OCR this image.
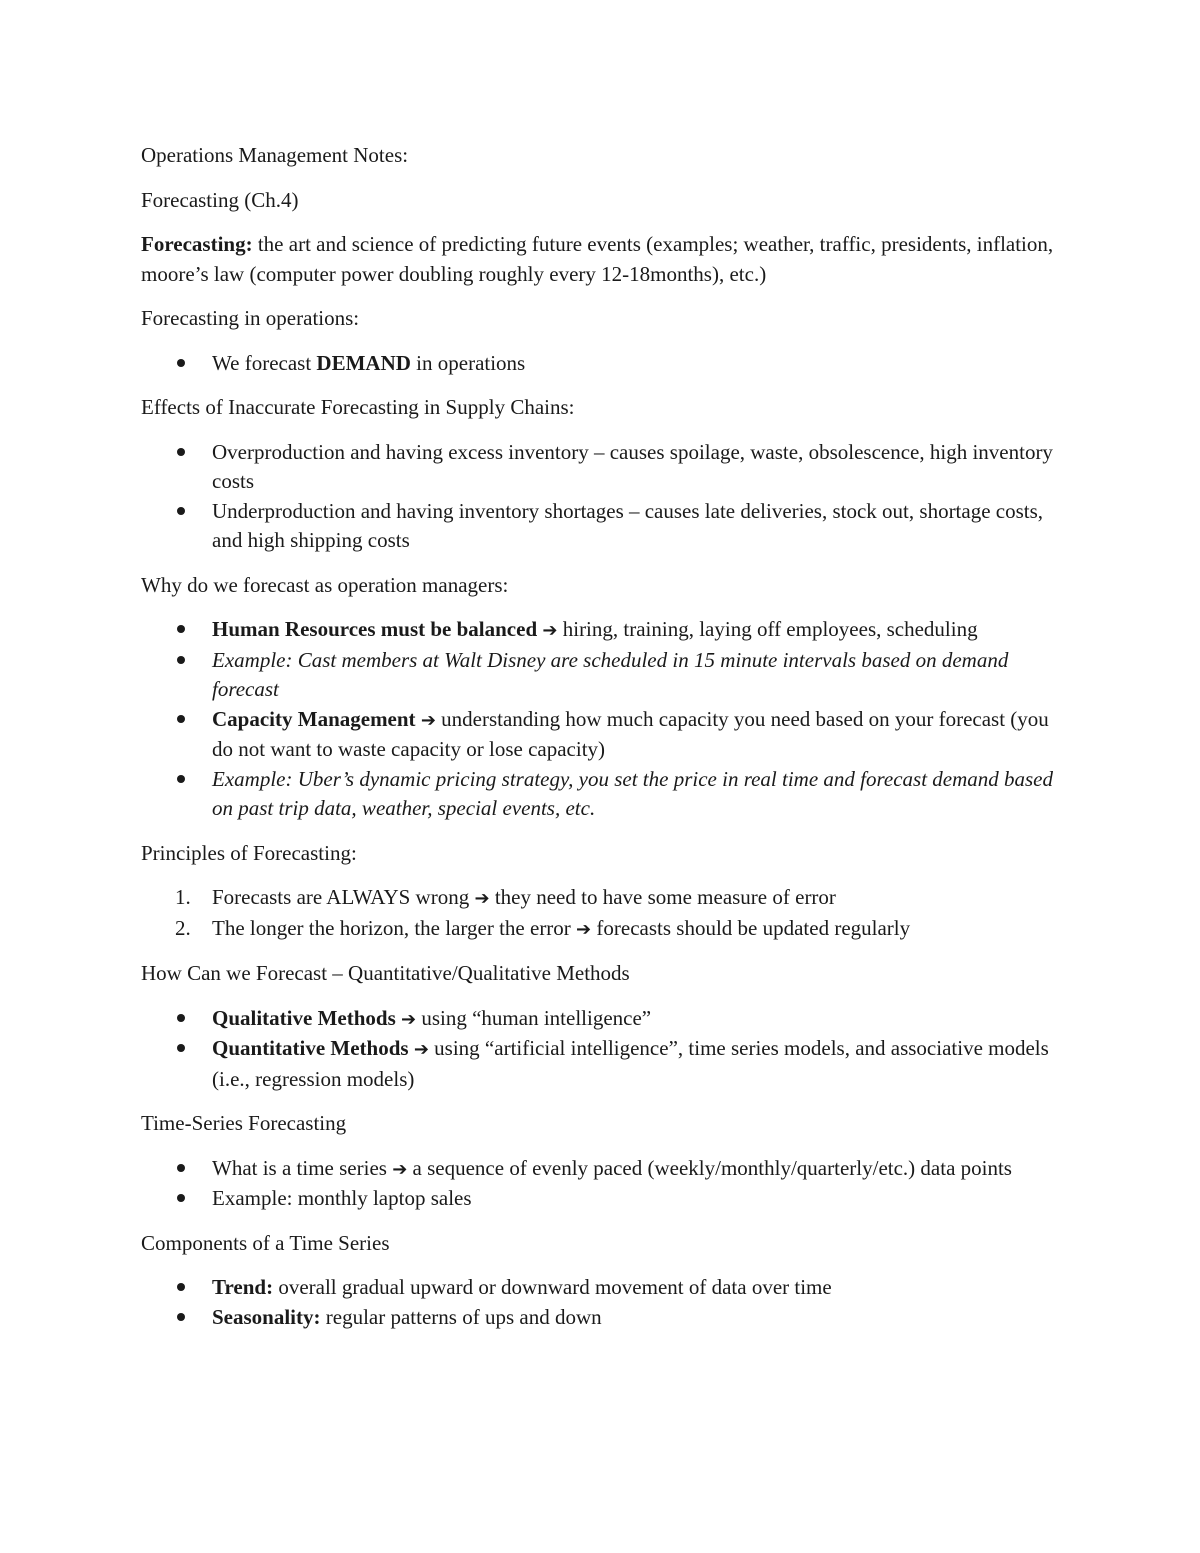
Operations Management Notes:

Forecasting (Ch.4)

Forecasting: the art and science of predicting future events (examples; weather, traffic, presidents, inflation, moore’s law (computer power doubling roughly every 12-18months), etc.)

Forecasting in operations:

We forecast DEMAND in operations

Effects of Inaccurate Forecasting in Supply Chains:

Overproduction and having excess inventory – causes spoilage, waste, obsolescence, high inventory costs
Underproduction and having inventory shortages – causes late deliveries, stock out, shortage costs, and high shipping costs

Why do we forecast as operation managers:

Human Resources must be balanced ➔ hiring, training, laying off employees, scheduling
Example: Cast members at Walt Disney are scheduled in 15 minute intervals based on demand forecast
Capacity Management ➔ understanding how much capacity you need based on your forecast (you do not want to waste capacity or lose capacity)
Example: Uber’s dynamic pricing strategy, you set the price in real time and forecast demand based on past trip data, weather, special events, etc.

Principles of Forecasting:

1. Forecasts are ALWAYS wrong ➔ they need to have some measure of error
2. The longer the horizon, the larger the error ➔ forecasts should be updated regularly

How Can we Forecast – Quantitative/Qualitative Methods

Qualitative Methods ➔ using “human intelligence”
Quantitative Methods ➔ using “artificial intelligence”, time series models, and associative models (i.e., regression models)

Time-Series Forecasting

What is a time series ➔ a sequence of evenly paced (weekly/monthly/quarterly/etc.) data points
Example: monthly laptop sales

Components of a Time Series

Trend: overall gradual upward or downward movement of data over time
Seasonality: regular patterns of ups and down
